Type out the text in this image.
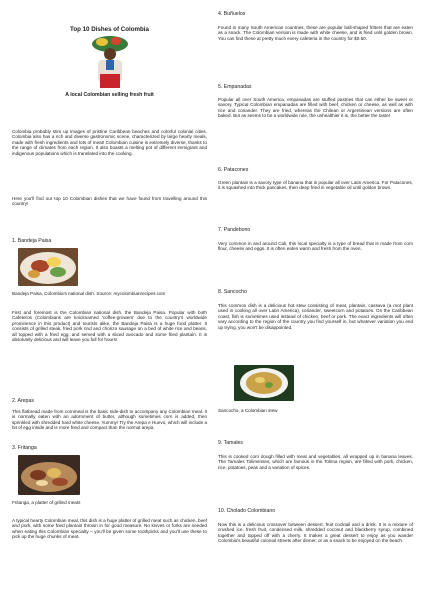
Top 10 Dishes of Colombia
A local Colombian selling fresh fruit

Colombia probably stirs up images of pristine Caribbean beaches and colorful colonial cities. Colombia also has a rich and diverse gastronomic scene, characterized by large hearty meals, made with fresh ingredients and lots of meat! Colombian cuisine is extremely diverse, thanks to the range of climates from each region. It also boasts a melting pot of different immigrant and indigenous populations which is translated into the cooking.

Here you'll find our top 10 Colombian dishes that we have found from travelling around this country!

1. Bandeja Paisa

Bandeja Paisa, Colombia's national dish. Source: mycolombianrecipes.com

First and foremost is the Colombian national dish, the Bandeja Paisa. Popular with both Cafeteros (Colombians are knicknamed 'coffee-growers' due to the country's worldwide prominence in this product) and tourists alike, the Bandeja Paisa is a huge food platter. It consists of grilled steak, fried pork rind and chorizo sausage on a bed of white rice and beans, all topped with a fried egg, and served with a sliced avocado and some fried plantain. It is absolutely delicious and will leave you full for hours!

2. Arepas

This flatbread made from cornmeal is the basic side-dish to accompany any Colombian meal. It is normally eaten with an adornment of butter, although sometimes corn is added, then sprinkled with shredded hard white cheese. Yummy! Try the Arepa e Huevo, which will include a bit of egg inside and is more fried and compact than the normal arepa.

3. Fritanga

Fritanga, a platter of grilled meats

A typical hearty Colombian meal, this dish is a huge platter of grilled meat such as chicken, beef and pork, with some fried plantain thrown in for good measure. No knives or forks are needed when eating this Colombian specialty – you'll be given some toothpicks and you'll use these to pick up the huge chunks of meat.

4. Buñuelos

Found in many South American countries, these are popular ball-shaped fritters that are eaten as a snack. The Colombian version is made with white cheese, and is fried until golden brown. You can find these at pretty much every cafeteria in the country for $0.50.

5. Empanadas

Popular all over South America, empanadas are stuffed pastries that can either be sweet or savory. Typical Colombian empanadas are filled with beef, chicken or cheese, as well as with rice and coriander. They are fried, whereas the Chilean or Argentinean versions are often baked. But as seems to be a worldwide rule, the unhealthier it is, the better the taste!

6. Patacones

Green plantain is a savory type of banana that is popular all over Latin America. For Patacones, it is squashed into thick pancakes, then deep fried in vegetable oil until golden brown.

7. Pandebono

Very common in and around Cali, this local specialty is a type of bread that is made from corn flour, cheese and eggs. It is often eaten warm and fresh from the oven.

8. Sancocho

This common dish is a delicious hot stew consisting of meat, plantain, cassava (a root plant used in cooking all over Latin America), coriander, sweetcorn and potatoes. On the Caribbean coast, fish is sometimes used instead of chicken, beef or pork. The exact ingredients will often vary according to the region of the country you find yourself in, but whatever variation you end up trying, you won't be disappointed.

Sancocho, a Colombian stew

9. Tamales

This is cooked corn dough filled with meat and vegetables, all wrapped up in banana leaves. The Tamales Tolimenses, which are famous in the Tolima region, are filled with pork, chicken, rice, potatoes, peas and a variation of spices.

10. Cholado Colombiano

Now this is a delicious crossover between dessert, fruit cocktail and a drink. It is a mixture of crushed ice, fresh fruit, condensed milk, shredded coconut and blackberry syrup, combined together and topped off with a cherry. It makes a great dessert to enjoy as you wander Colombia's beautiful colonial streets after dinner, or as a snack to be enjoyed on the beach.
